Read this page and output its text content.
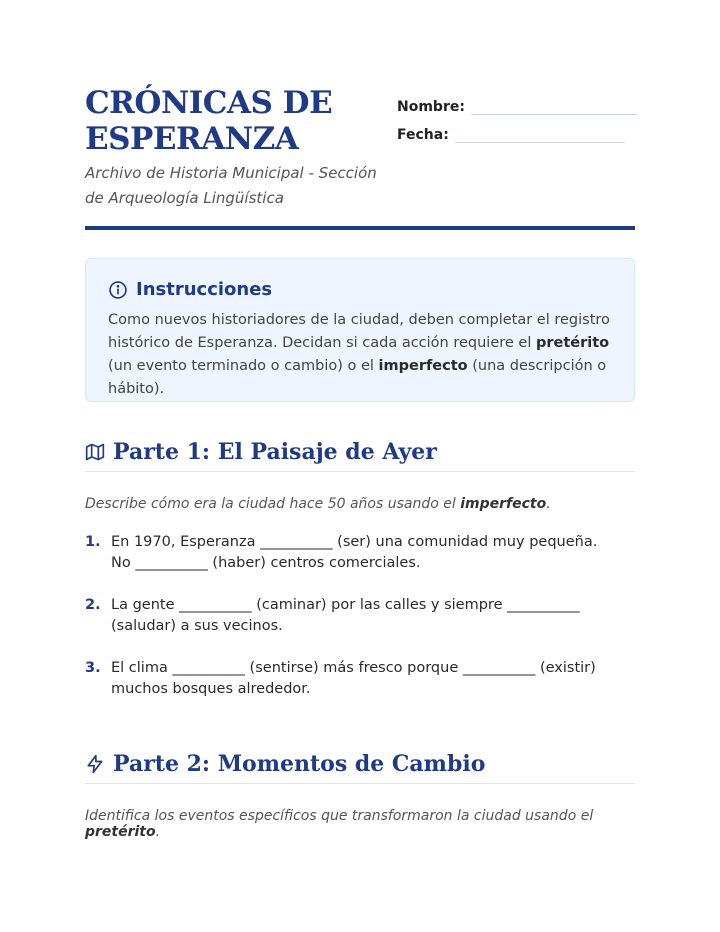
CRÓNICAS DE ESPERANZA

Archivo de Historia Municipal - Sección de Arqueología Lingüística

Nombre:
Fecha:
Instrucciones

Como nuevos historiadores de la ciudad, deben completar el registro histórico de Esperanza. Decidan si cada acción requiere el pretérito (un evento terminado o cambio) o el imperfecto (una descripción o hábito).

Parte 1: El Paisaje de Ayer

Describe cómo era la ciudad hace 50 años usando el imperfecto.

1. En 1970, Esperanza __________ (ser) una comunidad muy pequeña. No __________ (haber) centros comerciales.
2. La gente __________ (caminar) por las calles y siempre __________ (saludar) a sus vecinos.
3. El clima __________ (sentirse) más fresco porque __________ (existir) muchos bosques alrededor.
Parte 2: Momentos de Cambio

Identifica los eventos específicos que transformaron la ciudad usando el pretérito.
